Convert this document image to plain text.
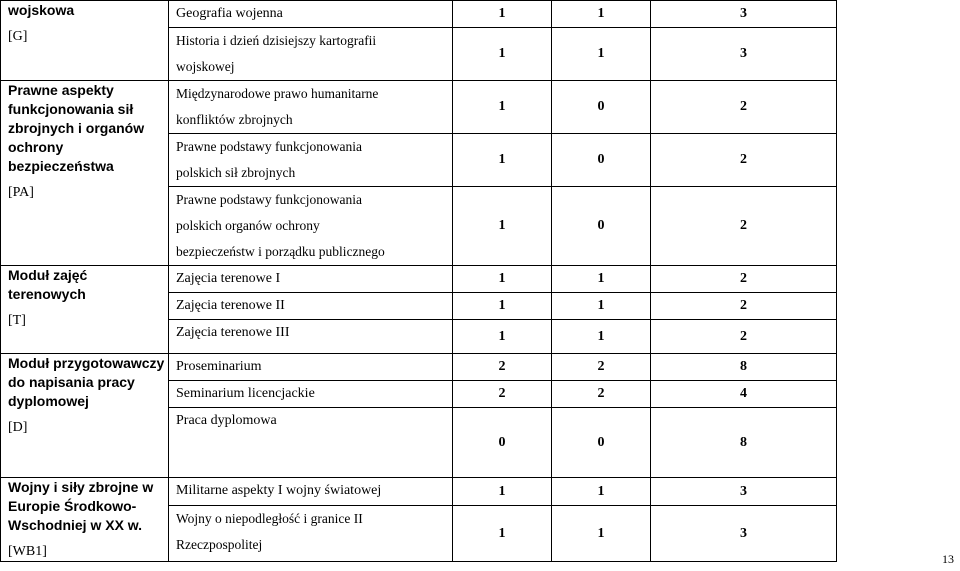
wojskowa
[G]	Geografia wojenna	1	1	3

	Historia i dzień dzisiejszy kartografii
wojskowej	1	1	3

Prawne aspekty funkcjonowania sił zbrojnych i organów ochrony bezpieczeństwa
[PA]	Międzynarodowe prawo humanitarne
konfliktów zbrojnych	1	0	2

	Prawne podstawy funkcjonowania
polskich sił zbrojnych	1	0	2

	Prawne podstawy funkcjonowania
polskich organów ochrony
bezpieczeństw i porządku publicznego	1	0	2

Moduł zajęć terenowych
[T]	Zajęcia terenowe I	1	1	2

	Zajęcia terenowe II	1	1	2

	Zajęcia terenowe III	1	1	2

Moduł przygotowawczy do napisania pracy dyplomowej
[D]	Proseminarium	2	2	8

	Seminarium licencjackie	2	2	4

	Praca dyplomowa	0	0	8

Wojny i siły zbrojne w Europie Środkowo-Wschodniej w XX w.
[WB1]	Militarne aspekty I wojny światowej	1	1	3

	Wojny o niepodległość i granice II
Rzeczpospolitej	1	1	3
13
